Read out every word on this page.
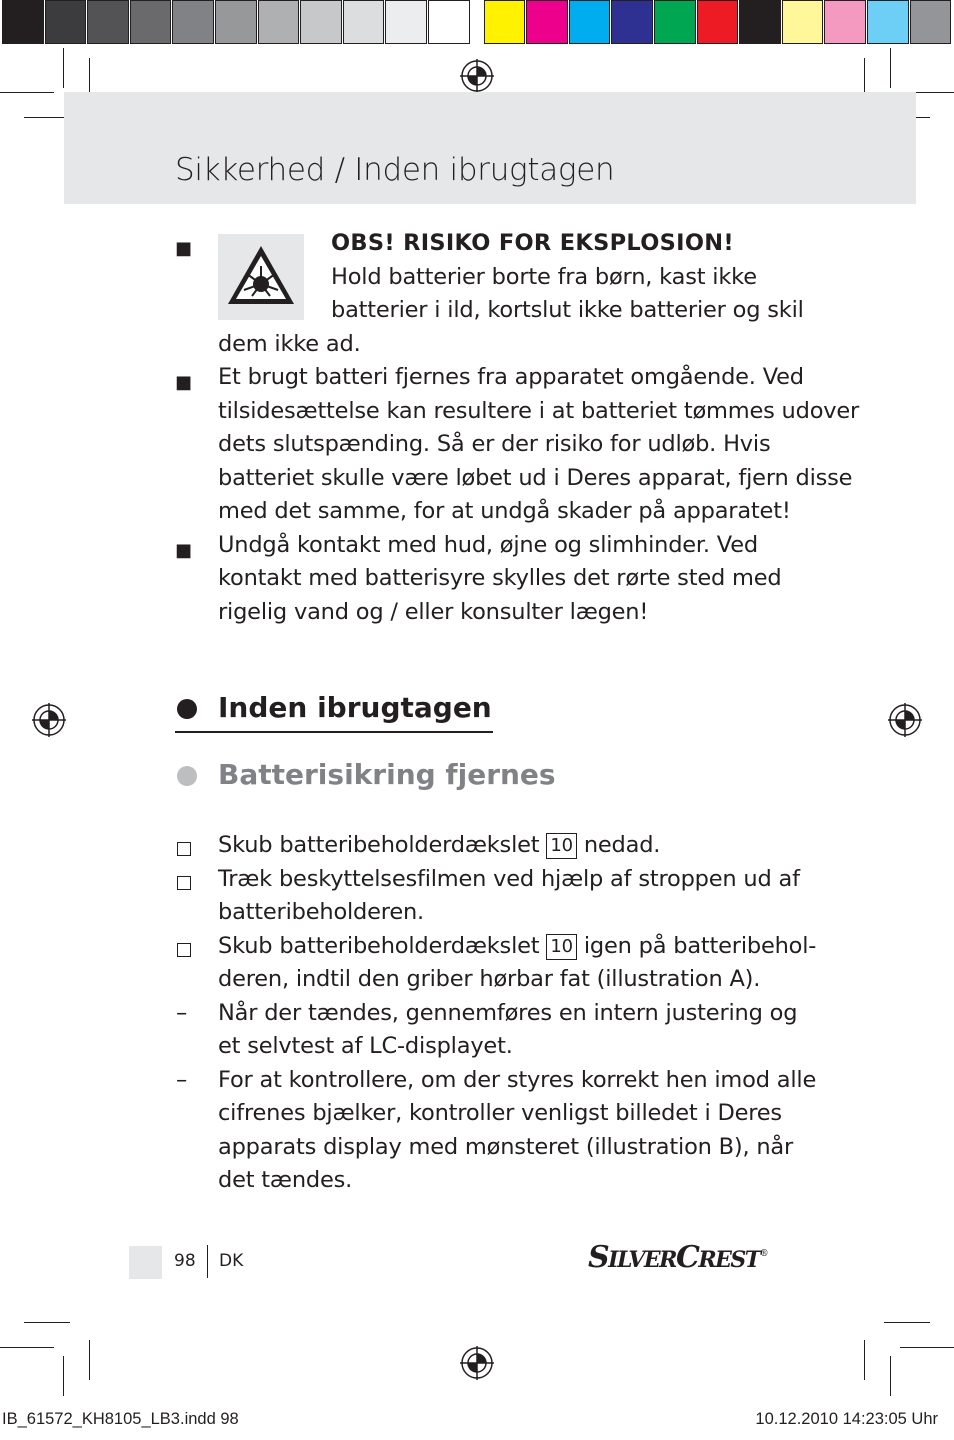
Sikkerhed / Inden ibrugtagen
■	OBS! RISIKO FOR EKSPLOSION!
Hold batterier borte fra børn, kast ikke
batterier i ild, kortslut ikke batterier og skil
dem ikke ad.
■ Et brugt batteri fjernes fra apparatet omgående. Ved
tilsidesættelse kan resultere i at batteriet tømmes udover
dets slutspænding. Så er der risiko for udløb. Hvis
batteriet skulle være løbet ud i Deres apparat, fjern disse
med det samme, for at undgå skader på apparatet!
■ Undgå kontakt med hud, øjne og slimhinder. Ved
kontakt med batterisyre skylles det rørte sted med
rigelig vand og / eller konsulter lægen!
Inden ibrugtagen
Batterisikring fjernes
Skub batteribeholderdækslet 10 nedad.
Træk beskyttelsesfilmen ved hjælp af stroppen ud af
batteribeholderen.
Skub batteribeholderdækslet 10 igen på batteribehol-
deren, indtil den griber hørbar fat (illustration A).
– Når der tændes, gennemføres en intern justering og
et selvtest af LC-displayet.
– For at kontrollere, om der styres korrekt hen imod alle
cifrenes bjælker, kontroller venligst billedet i Deres
apparats display med mønsteret (illustration B), når
det tændes.
98 DK	SILVERCREST®
IB_61572_KH8105_LB3.indd 98	10.12.2010 14:23:05 Uhr
